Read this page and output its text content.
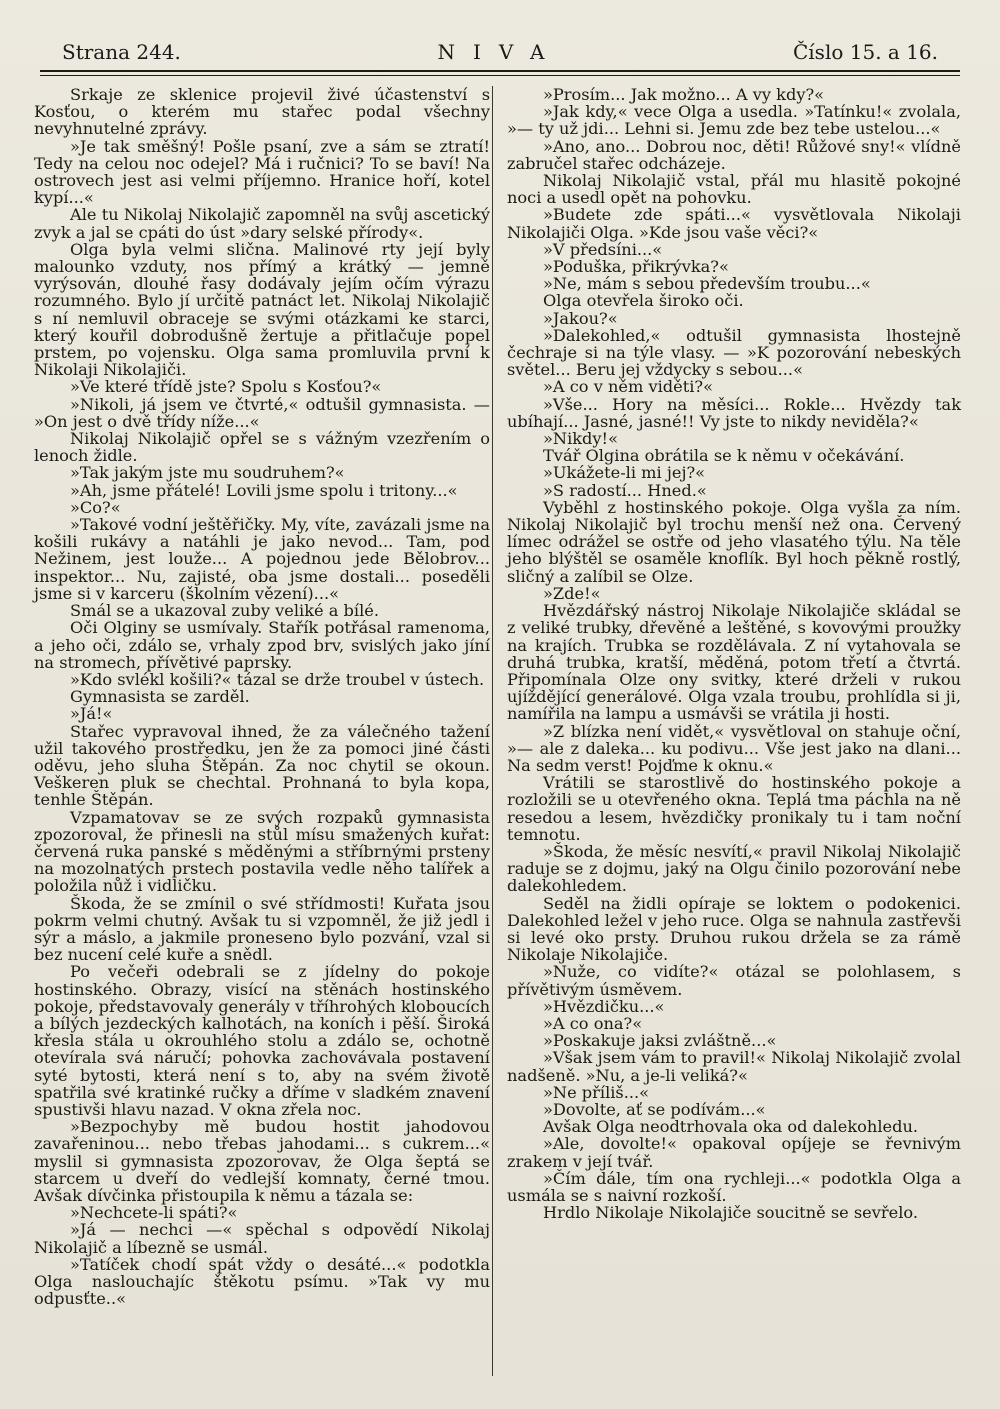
Strana 244.	NIVA	Číslo 15. a 16.

Srkaje ze sklenice projevil živé účastenství s Kosťou, o kterém mu stařec podal všechny nevyhnutelné zprávy.

»Je tak směšný! Pošle psaní, zve a sám se ztratí! Tedy na celou noc odejel? Má i ručnici? To se baví! Na ostrovech jest asi velmi příjemno. Hranice hoří, kotel kypí...«

Ale tu Nikolaj Nikolajič zapomněl na svůj ascetický zvyk a jal se cpáti do úst »dary selské přírody«.

Olga byla velmi slična. Malinové rty její byly malounko vzduty, nos přímý a krátký — jemně vyrýsován, dlouhé řasy dodávaly jejím očím výrazu rozumného. Bylo jí určitě patnáct let. Nikolaj Nikolajič s ní nemluvil obraceje se svými otázkami ke starci, který kouřil dobrodušně žertuje a přitlačuje popel prstem, po vojensku. Olga sama promluvila první k Nikolaji Nikolajiči.

»Ve které třídě jste? Spolu s Kosťou?«

»Nikoli, já jsem ve čtvrté,« odtušil gymnasista. — »On jest o dvě třídy níže...«

Nikolaj Nikolajič opřel se s vážným vzezřením o lenoch židle.

»Tak jakým jste mu soudruhem?«

»Ah, jsme přátelé! Lovili jsme spolu i tritony...«

»Co?«

»Takové vodní ještěřičky. My, víte, zavázali jsme na košili rukávy a natáhli je jako nevod... Tam, pod Nežinem, jest louže... A pojednou jede Bělobrov... inspektor... Nu, zajisté, oba jsme dostali... poseděli jsme si v karceru (školním vězení)...«

Smál se a ukazoval zuby veliké a bílé.

Oči Olginy se usmívaly. Stařík potřásal ramenoma, a jeho oči, zdálo se, vrhaly zpod brv, svislých jako jíní na stromech, přívětivé paprsky.

»Kdo svlékl košili?« tázal se drže troubel v ústech.

Gymnasista se zarděl.

»Já!«

Stařec vypravoval ihned, že za válečného tažení užil takového prostředku, jen že za pomoci jiné části oděvu, jeho sluha Štěpán. Za noc chytil se okoun. Veškeren pluk se chechtal. Prohnaná to byla kopa, tenhle Štěpán.

Vzpamatovav se ze svých rozpaků gymnasista zpozoroval, že přinesli na stůl mísu smažených kuřat: červená ruka panské s měděnými a stříbrnými prsteny na mozolnatých prstech postavila vedle něho talířek a položila nůž i vidličku.

Škoda, že se zmínil o své střídmosti! Kuřata jsou pokrm velmi chutný. Avšak tu si vzpomněl, že již jedl i sýr a máslo, a jakmile proneseno bylo pozvání, vzal si bez nucení celé kuře a snědl.

Po večeři odebrali se z jídelny do pokoje hostinského. Obrazy, visící na stěnách hostinského pokoje, představovaly generály v tříhrohých kloboucích a bílých jezdeckých kalhotách, na koních i pěší. Široká křesla stála u okrouhlého stolu a zdálo se, ochotně otevírala svá náručí; pohovka zachovávala postavení syté bytosti, která není s to, aby na svém životě spatřila své kratinké ručky a dříme v sladkém znavení spustivši hlavu nazad. V okna zřela noc.

»Bezpochyby mě budou hostit jahodovou zavařeninou... nebo třebas jahodami... s cukrem...« myslil si gymnasista zpozorovav, že Olga šeptá se starcem u dveří do vedlejší komnaty, černé tmou. Avšak dívčinka přistoupila k němu a tázala se:

»Nechcete-li spáti?«

»Já — nechci —« spěchal s odpovědí Nikolaj Nikolajič a líbezně se usmál.

»Tatíček chodí spát vždy o desáté...« podotkla Olga naslouchajíc štěkotu psímu. »Tak vy mu odpusťte..«

»Prosím... Jak možno... A vy kdy?«

»Jak kdy,« vece Olga a usedla. »Tatínku!« zvolala, »— ty už jdi... Lehni si. Jemu zde bez tebe ustelou...«

»Ano, ano... Dobrou noc, děti! Růžové sny!« vlídně zabručel stařec odcházeje.

Nikolaj Nikolajič vstal, přál mu hlasitě pokojné noci a usedl opět na pohovku.

»Budete zde spáti...« vysvětlovala Nikolaji Nikolajiči Olga. »Kde jsou vaše věci?«

»V předsíni...«

»Poduška, přikrývka?«

»Ne, mám s sebou především troubu...«

Olga otevřela široko oči.

»Jakou?«

»Dalekohled,« odtušil gymnasista lhostejně čechraje si na týle vlasy. — »K pozorování nebeských světel... Beru jej vždycky s sebou...«

»A co v něm viděti?«

»Vše... Hory na měsíci... Rokle... Hvězdy tak ubíhají... Jasné, jasné!! Vy jste to nikdy neviděla?«

»Nikdy!«

Tvář Olgina obrátila se k němu v očekávání.

»Ukážete-li mi jej?«

»S radostí... Hned.«

Vyběhl z hostinského pokoje. Olga vyšla za ním. Nikolaj Nikolajič byl trochu menší než ona. Červený límec odrážel se ostře od jeho vlasatého týlu. Na těle jeho blýštěl se osaměle knoflík. Byl hoch pěkně rostlý, sličný a zalíbil se Olze.

»Zde!«

Hvězdářský nástroj Nikolaje Nikolajiče skládal se z veliké trubky, dřevěné a leštěné, s kovovými proužky na krajích. Trubka se rozdělávala. Z ní vytahovala se druhá trubka, kratší, měděná, potom třetí a čtvrtá. Připomínala Olze ony svitky, které drželi v rukou ujíždějící generálové. Olga vzala troubu, prohlídla si ji, namířila na lampu a usmávši se vrátila ji hosti.

»Z blízka není vidět,« vysvětloval on stahuje oční, »— ale z daleka... ku podivu... Vše jest jako na dlani... Na sedm verst! Pojďme k oknu.«

Vrátili se starostlivě do hostinského pokoje a rozložili se u otevřeného okna. Teplá tma páchla na ně resedou a lesem, hvězdičky pronikaly tu i tam noční temnotu.

»Škoda, že měsíc nesvítí,« pravil Nikolaj Nikolajič raduje se z dojmu, jaký na Olgu činilo pozorování nebe dalekohledem.

Seděl na židli opíraje se loktem o podokenici. Dalekohled ležel v jeho ruce. Olga se nahnula zastřevši si levé oko prsty. Druhou rukou držela se za rámě Nikolaje Nikolajiče.

»Nuže, co vidíte?« otázal se polohlasem, s přívětivým úsměvem.

»Hvězdičku...«

»A co ona?«

»Poskakuje jaksi zvláštně...«

»Však jsem vám to pravil!« Nikolaj Nikolajič zvolal nadšeně. »Nu, a je-li veliká?«

»Ne příliš...«

»Dovolte, ať se podívám...«

Avšak Olga neodtrhovala oka od dalekohledu.

»Ale, dovolte!« opakoval opíjeje se řevnivým zrakem v její tvář.

»Čím dále, tím ona rychleji...« podotkla Olga a usmála se s naivní rozkoší.

Hrdlo Nikolaje Nikolajiče soucitně se sevřelo.
